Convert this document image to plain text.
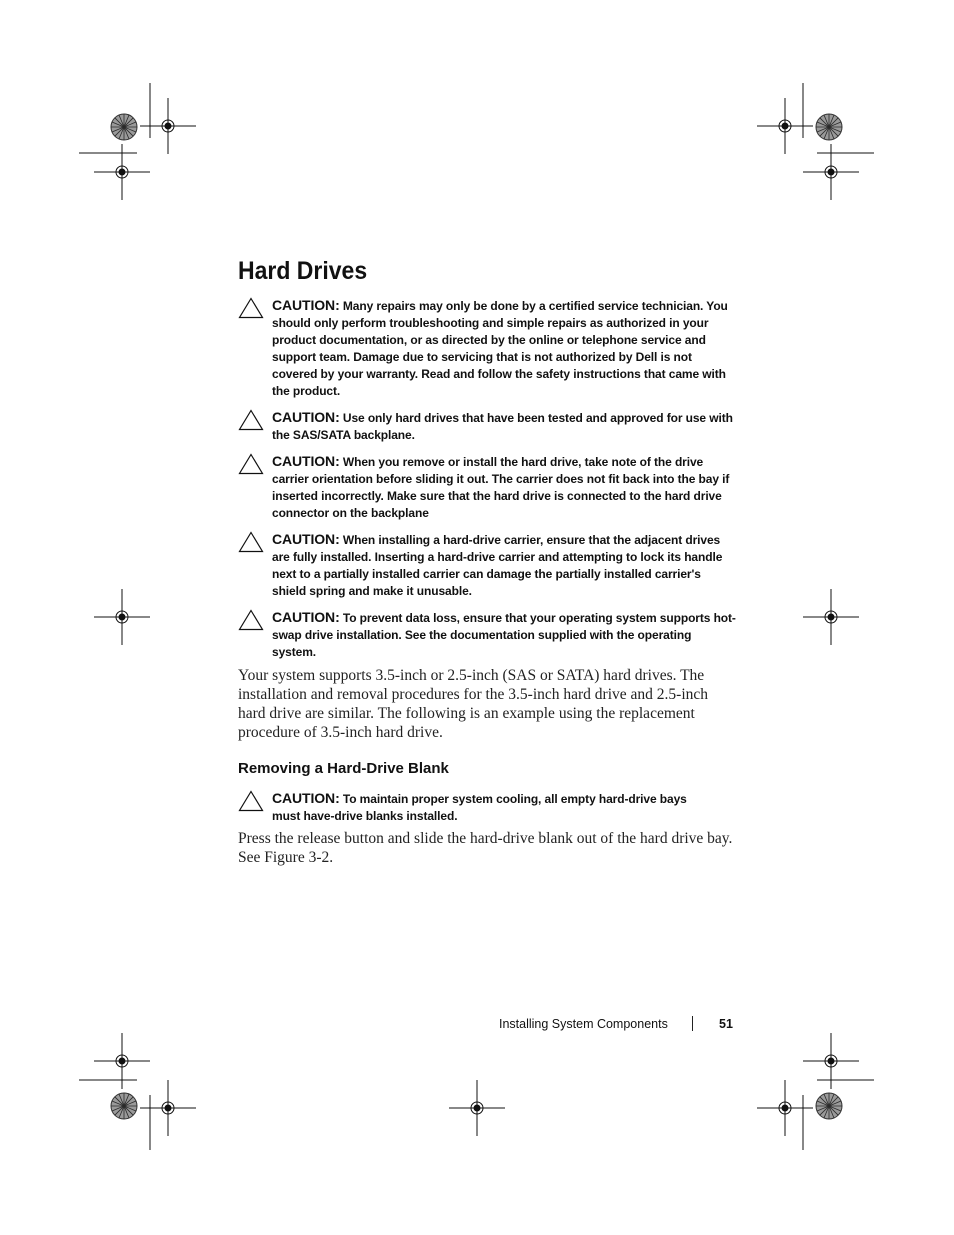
Hard Drives
CAUTION: Many repairs may only be done by a certified service technician. You should only perform troubleshooting and simple repairs as authorized in your product documentation, or as directed by the online or telephone service and support team. Damage due to servicing that is not authorized by Dell is not covered by your warranty. Read and follow the safety instructions that came with the product.
CAUTION: Use only hard drives that have been tested and approved for use with the SAS/SATA backplane.
CAUTION: When you remove or install the hard drive, take note of the drive carrier orientation before sliding it out. The carrier does not fit back into the bay if inserted incorrectly. Make sure that the hard drive is connected to the hard drive connector on the backplane
CAUTION: When installing a hard-drive carrier, ensure that the adjacent drives are fully installed. Inserting a hard-drive carrier and attempting to lock its handle next to a partially installed carrier can damage the partially installed carrier's shield spring and make it unusable.
CAUTION: To prevent data loss, ensure that your operating system supports hot-swap drive installation. See the documentation supplied with the operating system.

Your system supports 3.5-inch or 2.5-inch (SAS or SATA) hard drives. The installation and removal procedures for the 3.5-inch hard drive and 2.5-inch hard drive are similar. The following is an example using the replacement procedure of 3.5-inch hard drive.

Removing a Hard-Drive Blank
CAUTION: To maintain proper system cooling, all empty hard-drive bays must have-drive blanks installed.

Press the release button and slide the hard-drive blank out of the hard drive bay. See Figure 3-2.

Installing System Components	51
